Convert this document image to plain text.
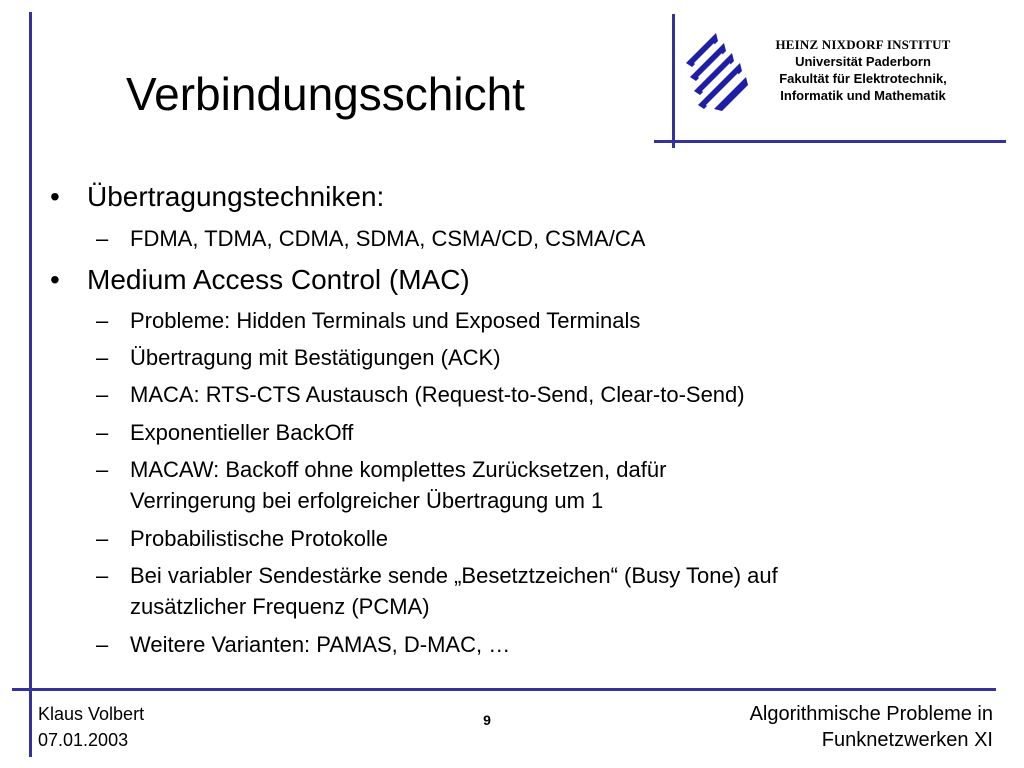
Verbindungsschicht
HEINZ NIXDORF INSTITUT
Universität Paderborn
Fakultät für Elektrotechnik,
Informatik und Mathematik
• Übertragungstechniken:
– FDMA, TDMA, CDMA, SDMA, CSMA/CD, CSMA/CA
• Medium Access Control (MAC)
– Probleme: Hidden Terminals und Exposed Terminals
– Übertragung mit Bestätigungen (ACK)
– MACA: RTS-CTS Austausch (Request-to-Send, Clear-to-Send)
– Exponentieller BackOff
– MACAW: Backoff ohne komplettes Zurücksetzen, dafür
Verringerung bei erfolgreicher Übertragung um 1
– Probabilistische Protokolle
– Bei variabler Sendestärke sende „Besetztzeichen“ (Busy Tone) auf
zusätzlicher Frequenz (PCMA)
– Weitere Varianten: PAMAS, D-MAC, …
Klaus Volbert
07.01.2003
9	Algorithmische Probleme in
Funknetzwerken XI
